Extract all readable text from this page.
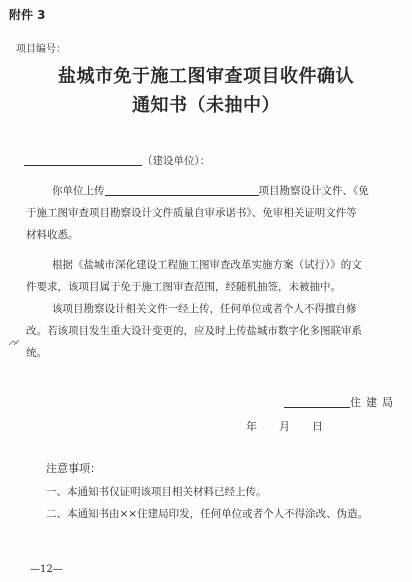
附件 3
项目编号：
盐城市免于施工图审查项目收件确认
通知书（未抽中）
（建设单位）：
你单位上传	项目勘察设计文件、《免
于施工图审查项目勘察设计文件质量自审承诺书》、免审相关证明文件等
材料收悉。
根据《盐城市深化建设工程施工图审查改革实施方案（试行）》的文
件要求，该项目属于免于施工图审查范围，经随机抽签，未被抽中。
该项目勘察设计相关文件一经上传，任何单位或者个人不得擅自修
改。若该项目发生重大设计变更的，应及时上传盐城市数字化多图联审系
统。
住建局
年 月 日
注意事项：
一、本通知书仅证明该项目相关材料已经上传。
二、本通知书由××住建局印发，任何单位或者个人不得涂改、伪造。
—12—
